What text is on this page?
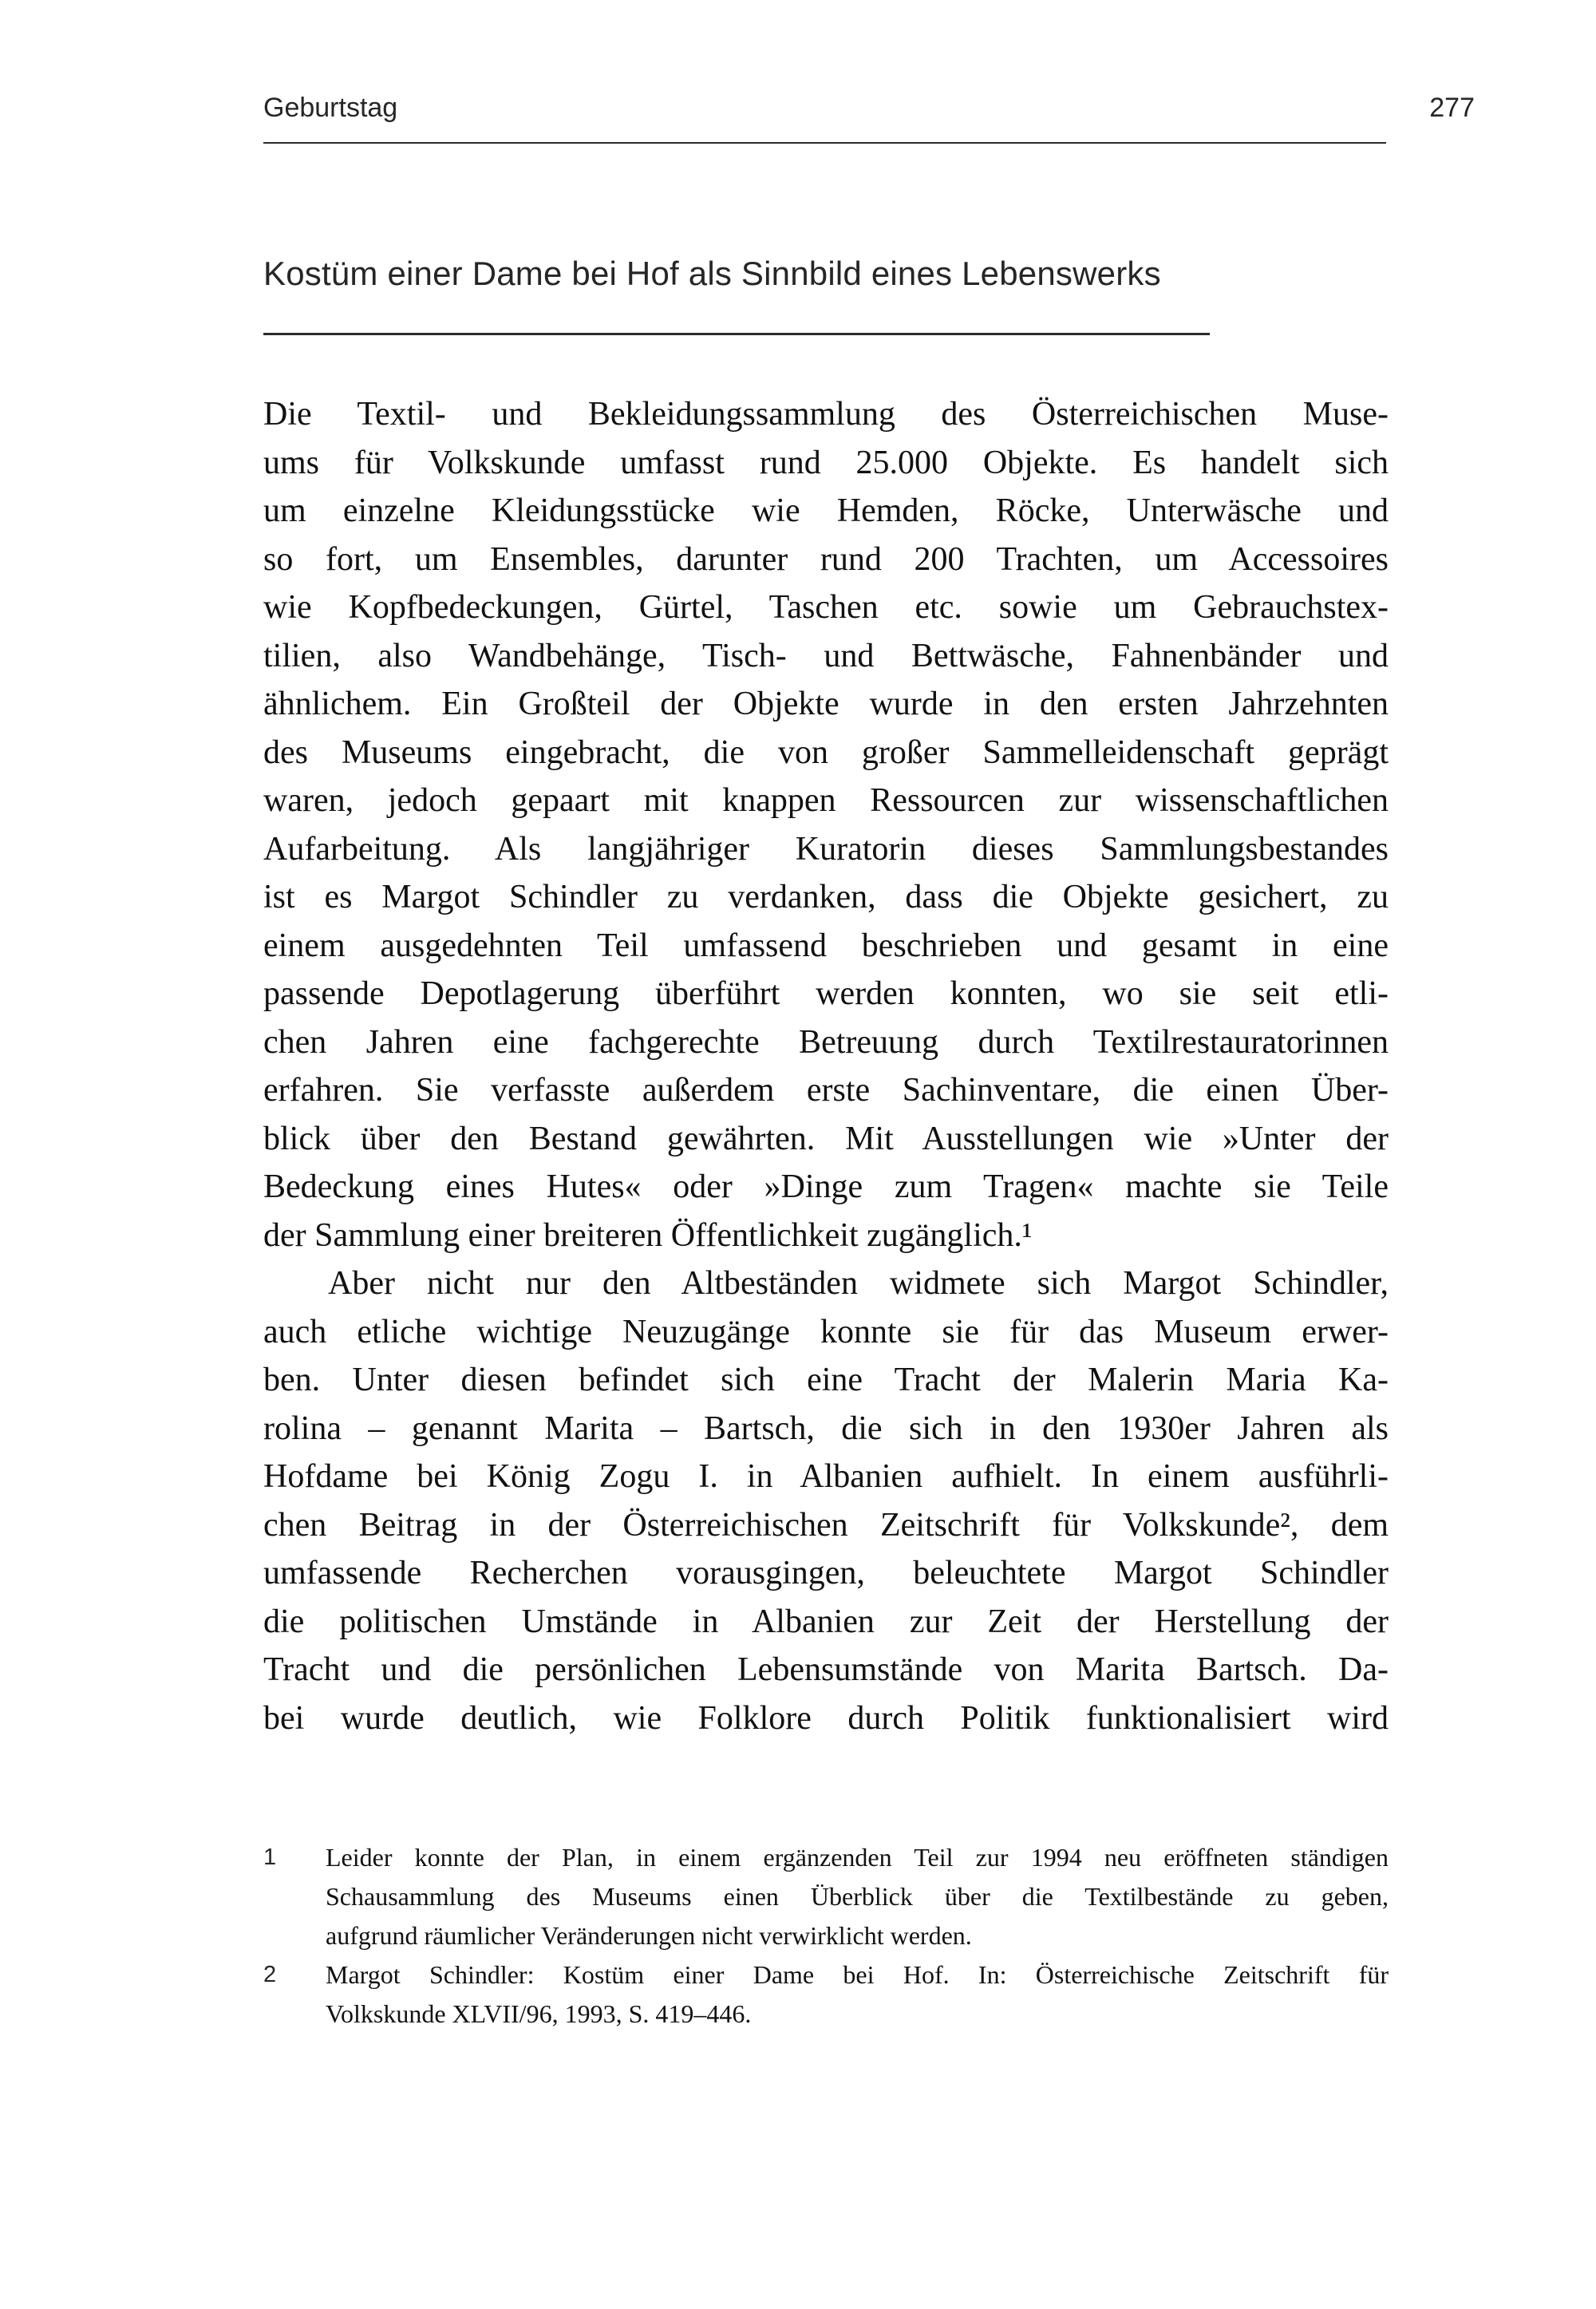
Geburtstag	277
Kostüm einer Dame bei Hof als Sinnbild eines Lebenswerks
Die Textil- und Bekleidungssammlung des Österreichischen Muse-
ums für Volkskunde umfasst rund 25.000 Objekte. Es handelt sich
um einzelne Kleidungsstücke wie Hemden, Röcke, Unterwäsche und
so fort, um Ensembles, darunter rund 200 Trachten, um Accessoires
wie Kopfbedeckungen, Gürtel, Taschen etc. sowie um Gebrauchstex-
tilien, also Wandbehänge, Tisch- und Bettwäsche, Fahnenbänder und
ähnlichem. Ein Großteil der Objekte wurde in den ersten Jahrzehnten
des Museums eingebracht, die von großer Sammelleidenschaft geprägt
waren, jedoch gepaart mit knappen Ressourcen zur wissenschaftlichen
Aufarbeitung. Als langjähriger Kuratorin dieses Sammlungsbestandes
ist es Margot Schindler zu verdanken, dass die Objekte gesichert, zu
einem ausgedehnten Teil umfassend beschrieben und gesamt in eine
passende Depotlagerung überführt werden konnten, wo sie seit etli-
chen Jahren eine fachgerechte Betreuung durch Textilrestauratorinnen
erfahren. Sie verfasste außerdem erste Sachinventare, die einen Über-
blick über den Bestand gewährten. Mit Ausstellungen wie »Unter der
Bedeckung eines Hutes« oder »Dinge zum Tragen« machte sie Teile
der Sammlung einer breiteren Öffentlichkeit zugänglich.¹
Aber nicht nur den Altbeständen widmete sich Margot Schindler,
auch etliche wichtige Neuzugänge konnte sie für das Museum erwer-
ben. Unter diesen befindet sich eine Tracht der Malerin Maria Ka-
rolina – genannt Marita – Bartsch, die sich in den 1930er Jahren als
Hofdame bei König Zogu I. in Albanien aufhielt. In einem ausführli-
chen Beitrag in der Österreichischen Zeitschrift für Volkskunde², dem
umfassende Recherchen vorausgingen, beleuchtete Margot Schindler
die politischen Umstände in Albanien zur Zeit der Herstellung der
Tracht und die persönlichen Lebensumstände von Marita Bartsch. Da-
bei wurde deutlich, wie Folklore durch Politik funktionalisiert wird
1	Leider konnte der Plan, in einem ergänzenden Teil zur 1994 neu eröffneten ständigen
Schausammlung des Museums einen Überblick über die Textilbestände zu geben,
aufgrund räumlicher Veränderungen nicht verwirklicht werden.
2	Margot Schindler: Kostüm einer Dame bei Hof. In: Österreichische Zeitschrift für
Volkskunde XLVII/96, 1993, S. 419–446.
